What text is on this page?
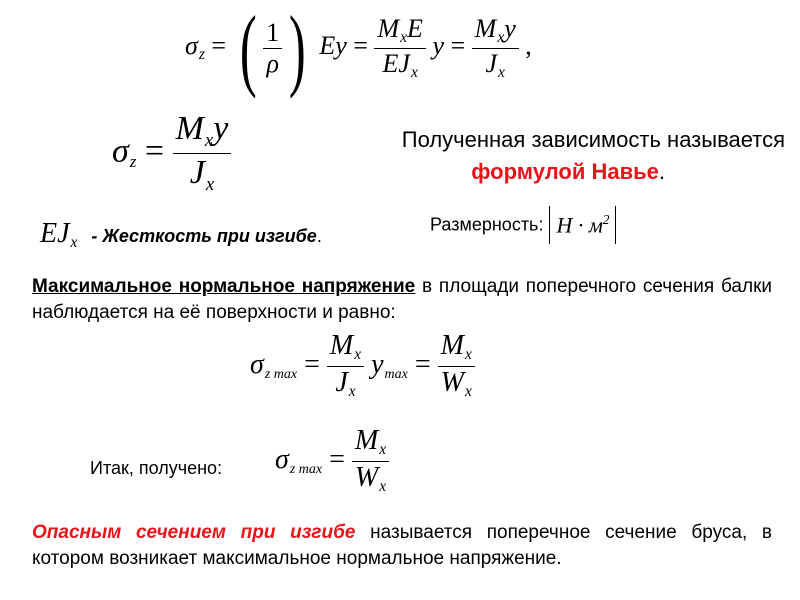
$\sigma_z$ = ( $\frac{1}{\rho}$ ) $Ey = \frac{M_xE}{EJ_x}$ $y = \frac{M_xy}{J_x}$ ,
$\sigma z = \frac{\text{Mxy}}{Jx}$	Полученная зависимость называется
формулой Навье.
EJx - Жесткость при изгибе.
Размерность: $Н \cdot м^2$
Максимальное нормальное напряжение в площади поперечного сечения балки наблюдается на её поверхности и равно:
σz $\max = \frac{Mx}{Jx}$ $ymax = \frac{Mx}{Wx}$
Итак, получено: σz $\max = \frac{Mx}{Wx}$
Опасным сечением при изгибе называется поперечное сечение бруса, в котором возникает максимальное нормальное напряжение.
